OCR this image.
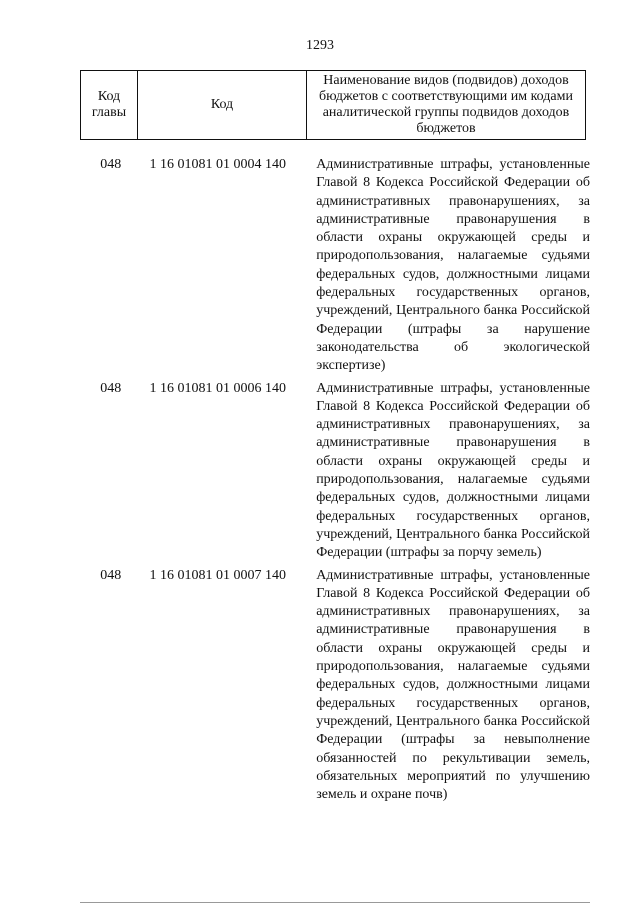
1293
Код главы	Код	Наименование видов (подвидов) доходов бюджетов с соответствующими им кодами аналитической группы подвидов доходов бюджетов
048	1 16 01081 01 0004 140	Административные штрафы, установленные Главой 8 Кодекса Российской Федерации об административных правонарушениях, за административные правонарушения в области охраны окружающей среды и природопользования, налагаемые судьями федеральных судов, должностными лицами федеральных государственных органов, учреждений, Центрального банка Российской Федерации (штрафы за нарушение законодательства об экологической экспертизе)
048	1 16 01081 01 0006 140	Административные штрафы, установленные Главой 8 Кодекса Российской Федерации об административных правонарушениях, за административные правонарушения в области охраны окружающей среды и природопользования, налагаемые судьями федеральных судов, должностными лицами федеральных государственных органов, учреждений, Центрального банка Российской Федерации (штрафы за порчу земель)
048	1 16 01081 01 0007 140	Административные штрафы, установленные Главой 8 Кодекса Российской Федерации об административных правонарушениях, за административные правонарушения в области охраны окружающей среды и природопользования, налагаемые судьями федеральных судов, должностными лицами федеральных государственных органов, учреждений, Центрального банка Российской Федерации (штрафы за невыполнение обязанностей по рекультивации земель, обязательных мероприятий по улучшению земель и охране почв)
